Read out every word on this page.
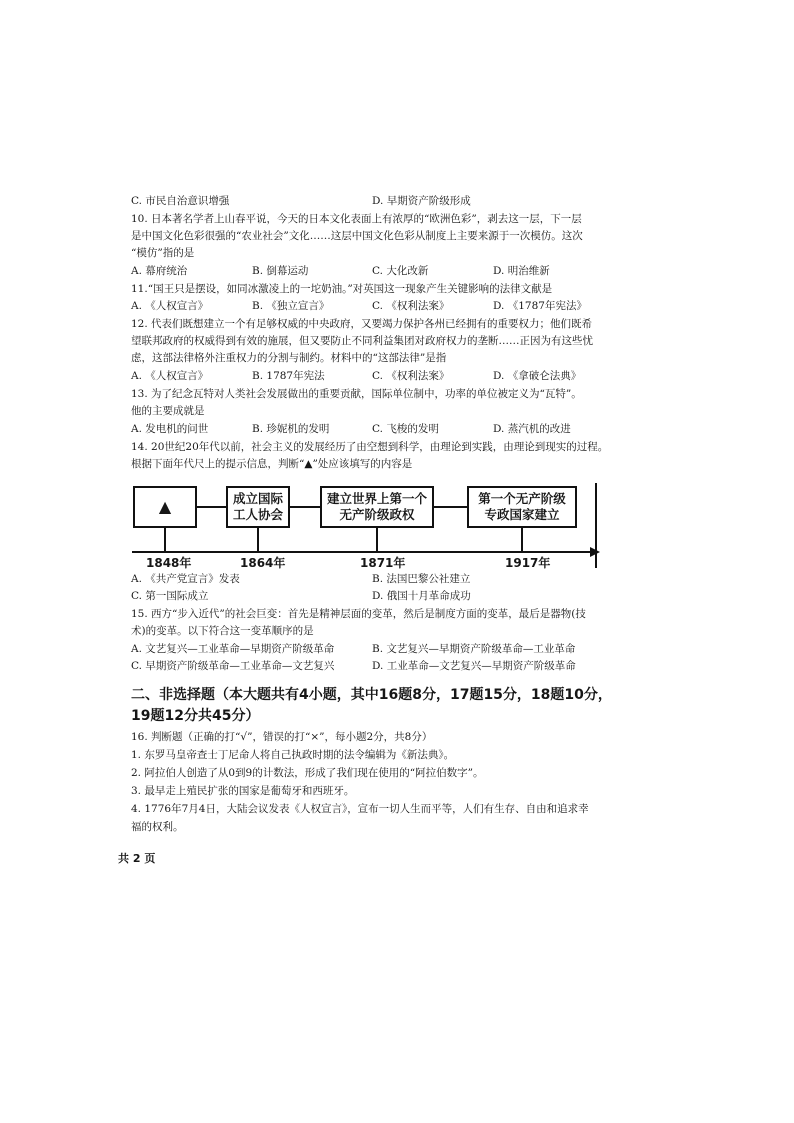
C. 市民自治意识增强	D. 早期资产阶级形成
10. 日本著名学者上山春平说，今天的日本文化表面上有浓厚的“欧洲色彩”，剥去这一层，下一层
是中国文化色彩很强的“农业社会”文化……这层中国文化色彩从制度上主要来源于一次模仿。这次
“模仿”指的是
A. 幕府统治	B. 倒幕运动	C. 大化改新	D. 明治维新
11.“国王只是摆设，如同冰激凌上的一坨奶油。”对英国这一现象产生关键影响的法律文献是
A. 《人权宣言》	B. 《独立宣言》	C. 《权利法案》	D. 《1787年宪法》
12. 代表们既想建立一个有足够权威的中央政府，又要竭力保护各州已经拥有的重要权力；他们既希
望联邦政府的权威得到有效的施展，但又要防止不同利益集团对政府权力的垄断……正因为有这些忧
虑，这部法律格外注重权力的分割与制约。材料中的“这部法律”是指
A. 《人权宣言》	B. 1787年宪法	C. 《权利法案》	D. 《拿破仑法典》
13. 为了纪念瓦特对人类社会发展做出的重要贡献，国际单位制中，功率的单位被定义为“瓦特”。
他的主要成就是
A. 发电机的问世	B. 珍妮机的发明	C. 飞梭的发明	D. 蒸汽机的改进
14. 20世纪20年代以前，社会主义的发展经历了由空想到科学，由理论到实践，由理论到现实的过程。
根据下面年代尺上的提示信息，判断“▲”处应该填写的内容是
▲	成立国际
工人协会
建立世界上第一个
无产阶级政权
第一个无产阶级
专政国家建立
1848年	1864年	1871年	1917年
A. 《共产党宣言》发表	B. 法国巴黎公社建立
C. 第一国际成立	D. 俄国十月革命成功
15. 西方“步入近代”的社会巨变：首先是精神层面的变革，然后是制度方面的变革，最后是器物(技
术)的变革。以下符合这一变革顺序的是
A. 文艺复兴—工业革命—早期资产阶级革命	B. 文艺复兴—早期资产阶级革命—工业革命
C. 早期资产阶级革命—工业革命—文艺复兴	D. 工业革命—文艺复兴—早期资产阶级革命
二、非选择题（本大题共有4小题，其中16题8分，17题15分，18题10分，
19题12分共45分）
16. 判断题（正确的打“√”，错误的打“×”，每小题2分，共8分）
1. 东罗马皇帝查士丁尼命人将自己执政时期的法令编辑为《新法典》。
2. 阿拉伯人创造了从0到9的计数法，形成了我们现在使用的“阿拉伯数字”。
3. 最早走上殖民扩张的国家是葡萄牙和西班牙。
4. 1776年7月4日，大陆会议发表《人权宣言》，宣布一切人生而平等，人们有生存、自由和追求幸
福的权利。
共 2 页
